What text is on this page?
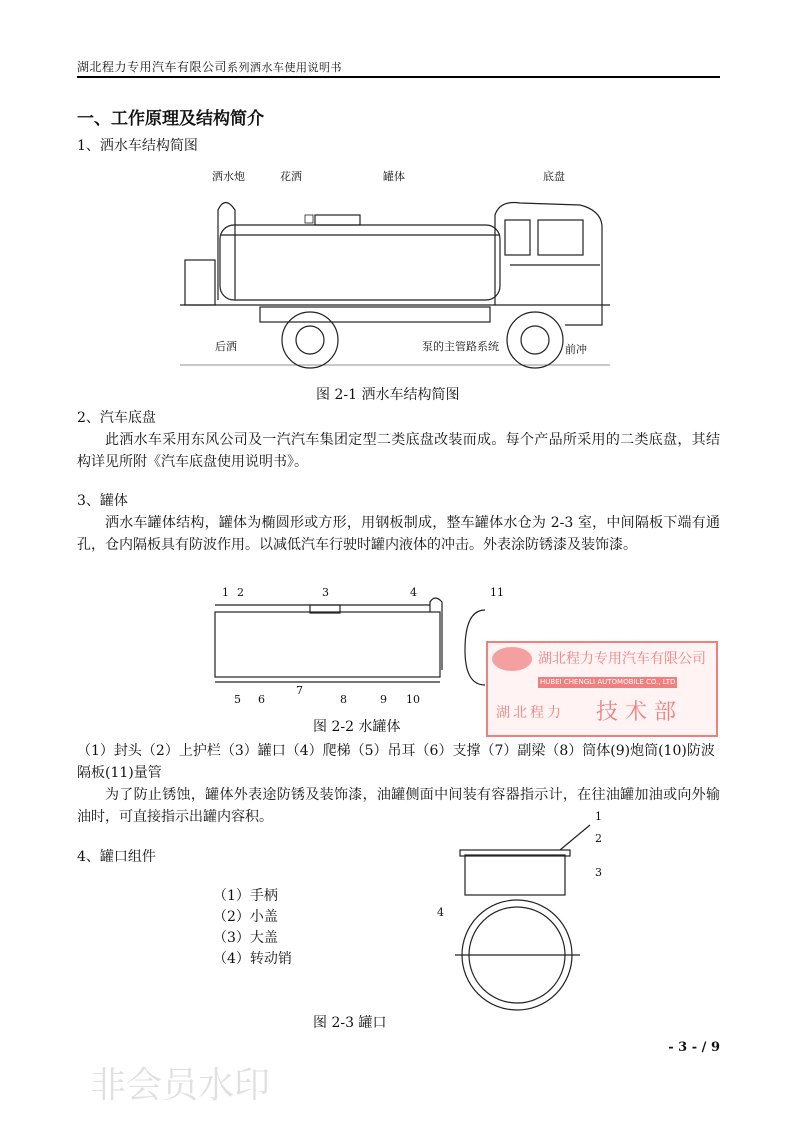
非会员水印
湖北程力专用汽车有限公司系列洒水车使用说明书
一、工作原理及结构简介
1、洒水车结构简图
洒水炮	花洒	罐体	底盘
后洒	泵的主管路系统	前冲
图 2-1 洒水车结构简图
2、汽车底盘
此洒水车采用东风公司及一汽汽车集团定型二类底盘改装而成。每个产品所采用的二类底盘，其结构详见所附《汽车底盘使用说明书》。
3、罐体
洒水车罐体结构，罐体为椭圆形或方形，用钢板制成，整车罐体水仓为 2-3 室，中间隔板下端有通孔，仓内隔板具有防波作用。以减低汽车行驶时罐内液体的冲击。外表涂防锈漆及装饰漆。
1 2	3	4
5 6
7
8	9 10
11
湖北程力专用汽车有限公司
HUBEI CHENGLI AUTOMOBILE CO., LTD
湖北程力 技 术 部
图 2-2 水罐体
（1）封头（2）上护栏（3）罐口（4）爬梯（5）吊耳（6）支撑（7）副梁（8）筒体(9)炮筒(10)防波隔板(11)量管
为了防止锈蚀，罐体外表途防锈及装饰漆，油罐侧面中间装有容器指示计，在往油罐加油或向外输油时，可直接指示出罐内容积。
4、罐口组件
（1）手柄
（2）小盖
（3）大盖
（4）转动销
1
2
3
4
图 2-3 罐口
- 3 - / 9
